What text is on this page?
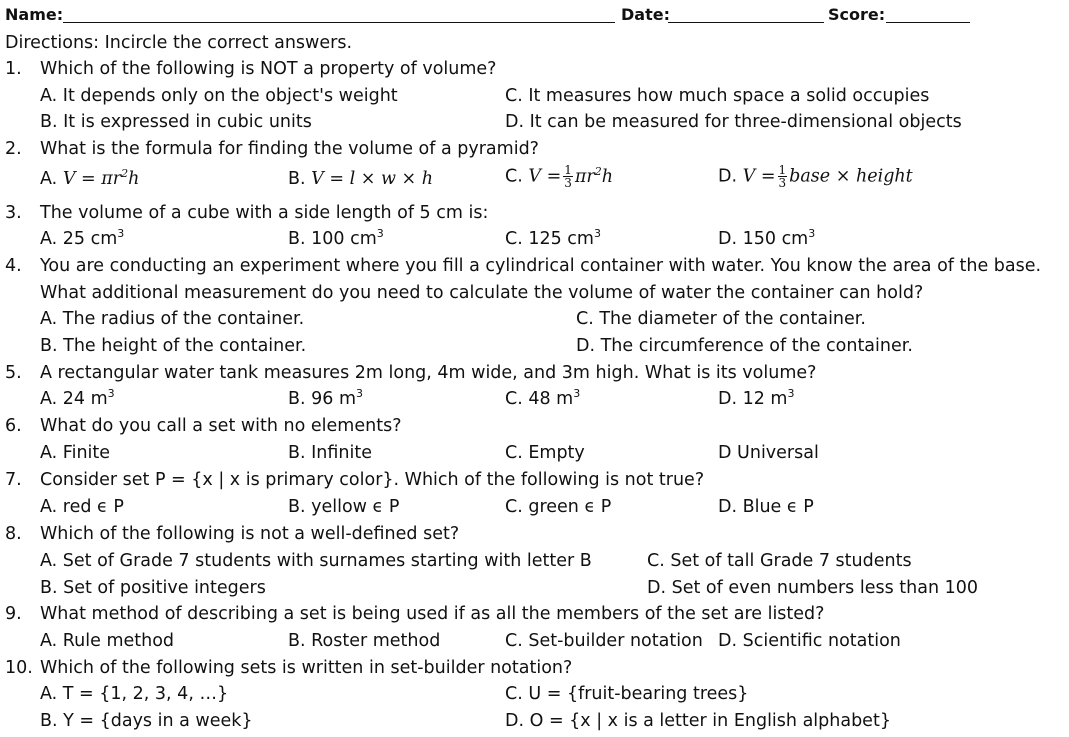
Name:	Date:	Score:
Directions: Incircle the correct answers.
1. Which of the following is NOT a property of volume?
A. It depends only on the object's weight	C. It measures how much space a solid occupies
B. It is expressed in cubic units	D. It can be measured for three-dimensional objects
2. What is the formula for finding the volume of a pyramid?
A. $V = \pi r^2h$	B. V = l × w × h	C. $V = \frac{1}{3} \pi r^2h$	D. $V = \frac{1}{3}$ base × height
3. The volume of a cube with a side length of 5 cm is:
A. 25 $cm^3$	B. 100 $cm^3$	C. 125 $cm^3$	D. 150 $cm^3$
4. You are conducting an experiment where you fill a cylindrical container with water. You know the area of the base.
What additional measurement do you need to calculate the volume of water the container can hold?
A. The radius of the container.	C. The diameter of the container.
B. The height of the container.	D. The circumference of the container.
5. A rectangular water tank measures 2m long, 4m wide, and 3m high. What is its volume?
A. 24 $m^3$	B. 96 $m^3$	C. 48 $m^3$	D. 12 $m^3$
6. What do you call a set with no elements?
A. Finite	B. Infinite	C. Empty	D Universal
7. Consider set P = {x | x is primary color}. Which of the following is not true?
A. red ϵ P	B. yellow ϵ P	C. green ϵ P	D. Blue ϵ P
8. Which of the following is not a well-defined set?
A. Set of Grade 7 students with surnames starting with letter B	C. Set of tall Grade 7 students
B. Set of positive integers	D. Set of even numbers less than 100
9. What method of describing a set is being used if as all the members of the set are listed?
A. Rule method	B. Roster method	C. Set-builder notation D. Scientific notation
10. Which of the following sets is written in set-builder notation?
A. T = {1, 2, 3, 4, …}	C. U = {fruit-bearing trees}
B. Y = {days in a week}	D. O = {x | x is a letter in English alphabet}
